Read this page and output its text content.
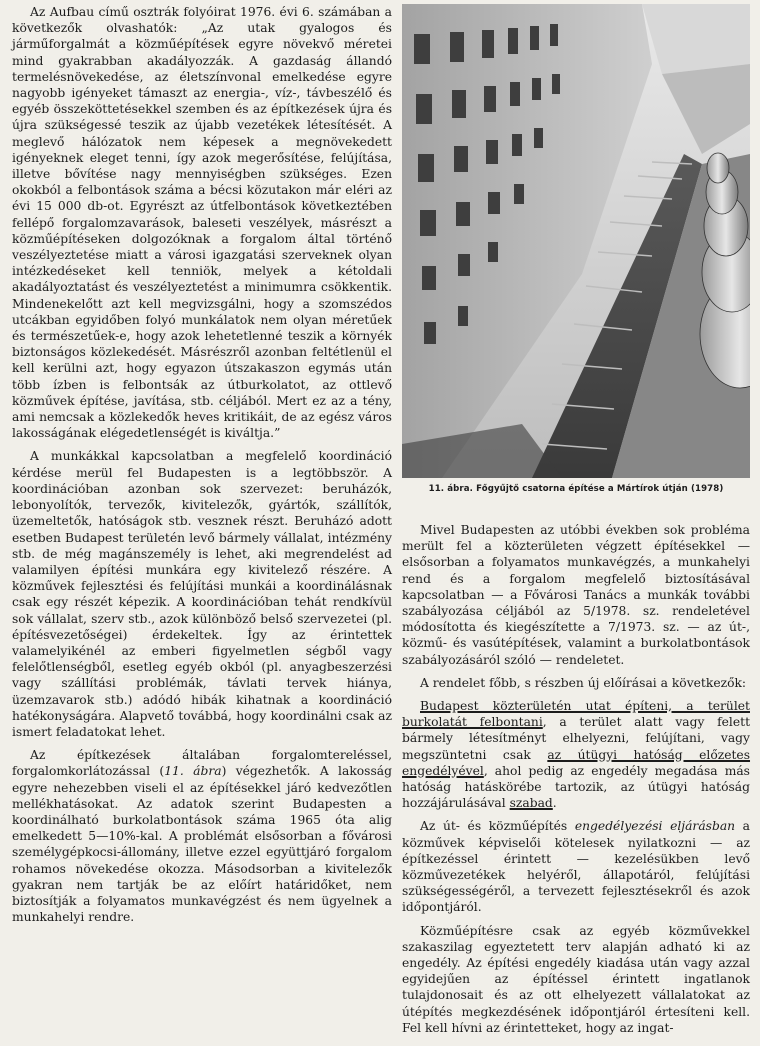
Az Aufbau című osztrák folyóirat 1976. évi 6. számában a következők olvashatók: „Az utak gyalogos és járműforgalmát a közműépítések egyre növekvő méretei mind gyakrabban akadályozzák. A gazdaság állandó termelésnövekedése, az életszínvonal emelkedése egyre nagyobb igényeket támaszt az energia-, víz-, távbeszélő és egyéb összeköttetésekkel szemben és az építkezések újra és újra szükségessé teszik az újabb vezetékek létesítését. A meglevő hálózatok nem képesek a megnövekedett igényeknek eleget tenni, így azok megerősítése, felújítása, illetve bővítése nagy mennyiségben szükséges. Ezen okokból a felbontások száma a bécsi közutakon már eléri az évi 15 000 db-ot. Egyrészt az útfelbontások következtében fellépő forgalomzavarások, baleseti veszélyek, másrészt a közműépítéseken dolgozóknak a forgalom által történő veszélyeztetése miatt a városi igazgatási szerveknek olyan intézkedéseket kell tenniök, melyek a kétoldali akadályoztatást és veszélyeztetést a minimumra csökkentik. Mindenekelőtt azt kell megvizsgálni, hogy a szomszédos utcákban egyidőben folyó munkálatok nem olyan méretűek és természetűek-e, hogy azok lehetetlenné teszik a környék biztonságos közlekedését. Másrészről azonban feltétlenül el kell kerülni azt, hogy egyazon útszakaszon egymás után több ízben is felbontsák az útburkolatot, az ottlevő közművek építése, javítása, stb. céljából. Mert ez az a tény, ami nemcsak a közlekedők heves kritikáit, de az egész város lakosságának elégedetlenségét is kiváltja.”

A munkákkal kapcsolatban a megfelelő koordináció kérdése merül fel Budapesten is a legtöbbször. A koordinációban azonban sok szervezet: beruházók, lebonyolítók, tervezők, kivitelezők, gyártók, szállítók, üzemeltetők, hatóságok stb. vesznek részt. Beruházó adott esetben Budapest területén levő bármely vállalat, intézmény stb. de még magánszemély is lehet, aki megrendelést ad valamilyen építési munkára egy kivitelező részére. A közművek fejlesztési és felújítási munkái a koordinálásnak csak egy részét képezik. A koordinációban tehát rendkívül sok vállalat, szerv stb., azok különböző belső szervezetei (pl. építésvezetőségei) érdekeltek. Így az érintettek valamelyikénél az emberi figyelmetlen ségből vagy felelőtlenségből, esetleg egyéb okból (pl. anyagbeszerzési vagy szállítási problémák, távlati tervek hiánya, üzemzavarok stb.) adódó hibák kihatnak a koordináció hatékonyságára. Alapvető továbbá, hogy koordinálni csak az ismert feladatokat lehet.

Az építkezések általában forgalomtereléssel, forgalomkorlátozással (11. ábra) végezhetők. A lakosság egyre nehezebben viseli el az építésekkel járó kedvezőtlen mellékhatásokat. Az adatok szerint Budapesten a koordinálható burkolatbontások száma 1965 óta alig emelkedett 5—10%-kal. A problémát elsősorban a fővárosi személygépkocsi-állomány, illetve ezzel együttjáró forgalom rohamos növekedése okozza. Másodsorban a kivitelezők gyakran nem tartják be az előírt határidőket, nem biztosítják a folyamatos munkavégzést és nem ügyelnek a munkahelyi rendre.

11. ábra. Főgyűjtő csatorna építése a Mártírok útján (1978)

Mivel Budapesten az utóbbi években sok probléma merült fel a közterületen végzett építésekkel — elsősorban a folyamatos munkavégzés, a munkahelyi rend és a forgalom megfelelő biztosításával kapcsolatban — a Fővárosi Tanács a munkák további szabályozása céljából az 5/1978. sz. rendeletével módosította és kiegészítette a 7/1973. sz. — az út-, közmű- és vasútépítések, valamint a burkolatbontások szabályozásáról szóló — rendeletet.

A rendelet főbb, s részben új előírásai a következők:

Budapest közterületén utat építeni, a terület burkolatát felbontani, a terület alatt vagy felett bármely létesítményt elhelyezni, felújítani, vagy megszüntetni csak az útügyi hatóság előzetes engedélyével, ahol pedig az engedély megadása más hatóság hatáskörébe tartozik, az útügyi hatóság hozzájárulásával szabad.

Az út- és közműépítés engedélyezési eljárásban a közművek képviselői kötelesek nyilatkozni — az építkezéssel érintett — kezelésükben levő közművezetékek helyéről, állapotáról, felújítási szükségességéről, a tervezett fejlesztésekről és azok időpontjáról.

Közműépítésre csak az egyéb közművekkel szakaszilag egyeztetett terv alapján adható ki az engedély. Az építési engedély kiadása után vagy azzal egyidejűen az építéssel érintett ingatlanok tulajdonosait és az ott elhelyezett vállalatokat az útépítés megkezdésének időpontjáról értesíteni kell. Fel kell hívni az érintetteket, hogy az ingat-
